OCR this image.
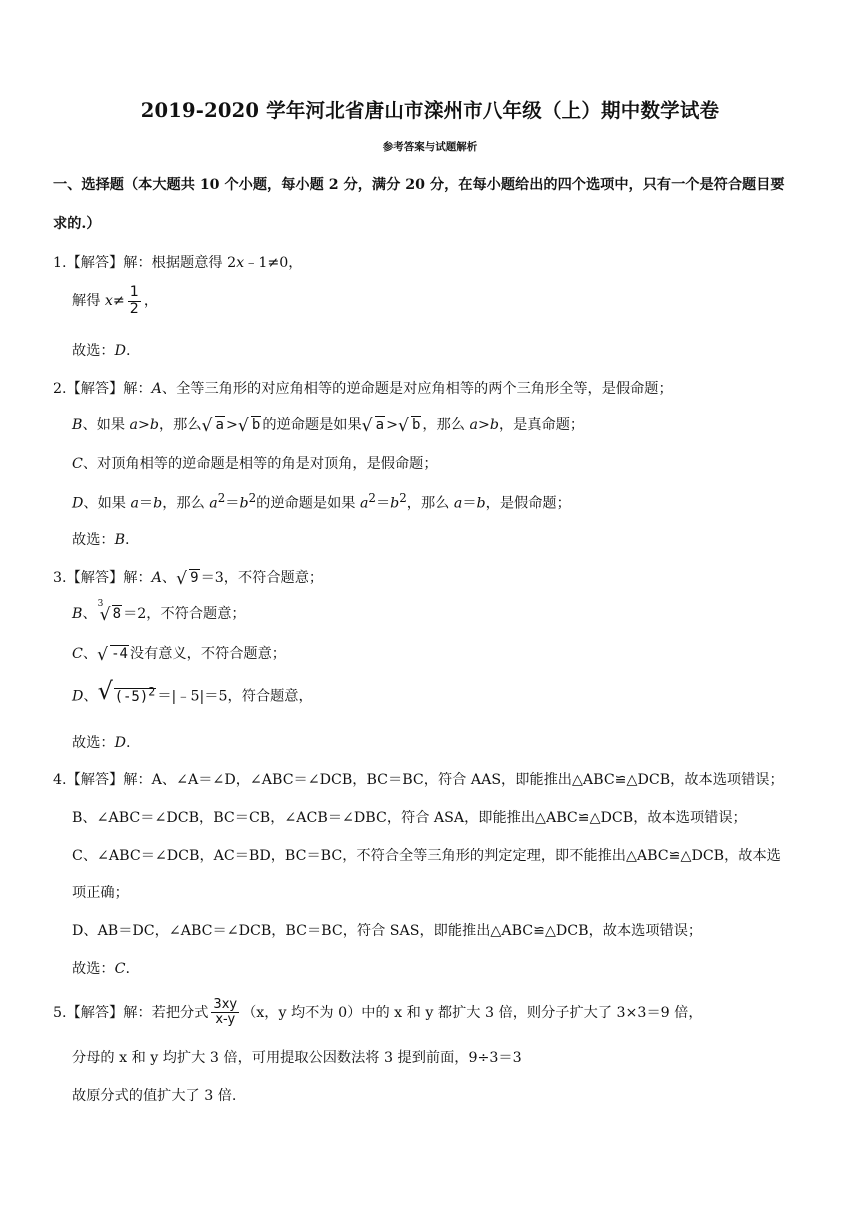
2019-2020 学年河北省唐山市滦州市八年级（上）期中数学试卷
参考答案与试题解析
一、选择题（本大题共 10 个小题，每小题 2 分，满分 20 分，在每小题给出的四个选项中，只有一个是符合题目要
求的.）
1.【解答】解：根据题意得 2x﹣1≠0，
解得 $x\ne \frac{1}{2}$ ，
故选：D.
2.【解答】解：A、全等三角形的对应角相等的逆命题是对应角相等的两个三角形全等，是假命题；
B、如果 a>b，那么 √ a > √ b 的逆命题是如果 √ a > √ b ，那么 a>b，是真命题；
C、对顶角相等的逆命题是相等的角是对顶角，是假命题；
D、如果 a＝b，那么 $a^2=b^2$的逆命题是如果 $a^2=b^2$，那么 a＝b，是假命题；
故选：B.
3.【解答】解：A、 √ 9 ＝3，不符合题意；
B、
3
√ 8 ＝2，不符合题意；
C、 √ -4 没有意义，不符合题意；
D、 √ $(-5)^2$ ＝|﹣5|＝5，符合题意，
故选：D.
4.【解答】解：A、∠A＝∠D，∠ABC＝∠DCB，BC＝BC，符合 AAS，即能推出△ABC≌△DCB，故本选项错误；
B、∠ABC＝∠DCB，BC＝CB，∠ACB＝∠DBC，符合 ASA，即能推出△ABC≌△DCB，故本选项错误；
C、∠ABC＝∠DCB，AC＝BD，BC＝BC，不符合全等三角形的判定定理，即不能推出△ABC≌△DCB，故本选
项正确；
D、AB＝DC，∠ABC＝∠DCB，BC＝BC，符合 SAS，即能推出△ABC≌△DCB，故本选项错误；
故选：C.
5.【解答】解：若把分式 $\frac{3xy}{x-y} (x$，y 均不为 0）中的 x 和 y 都扩大 3 倍，则分子扩大了 3×3＝9 倍，
分母的 x 和 y 均扩大 3 倍，可用提取公因数法将 3 提到前面，9÷3＝3
故原分式的值扩大了 3 倍.
